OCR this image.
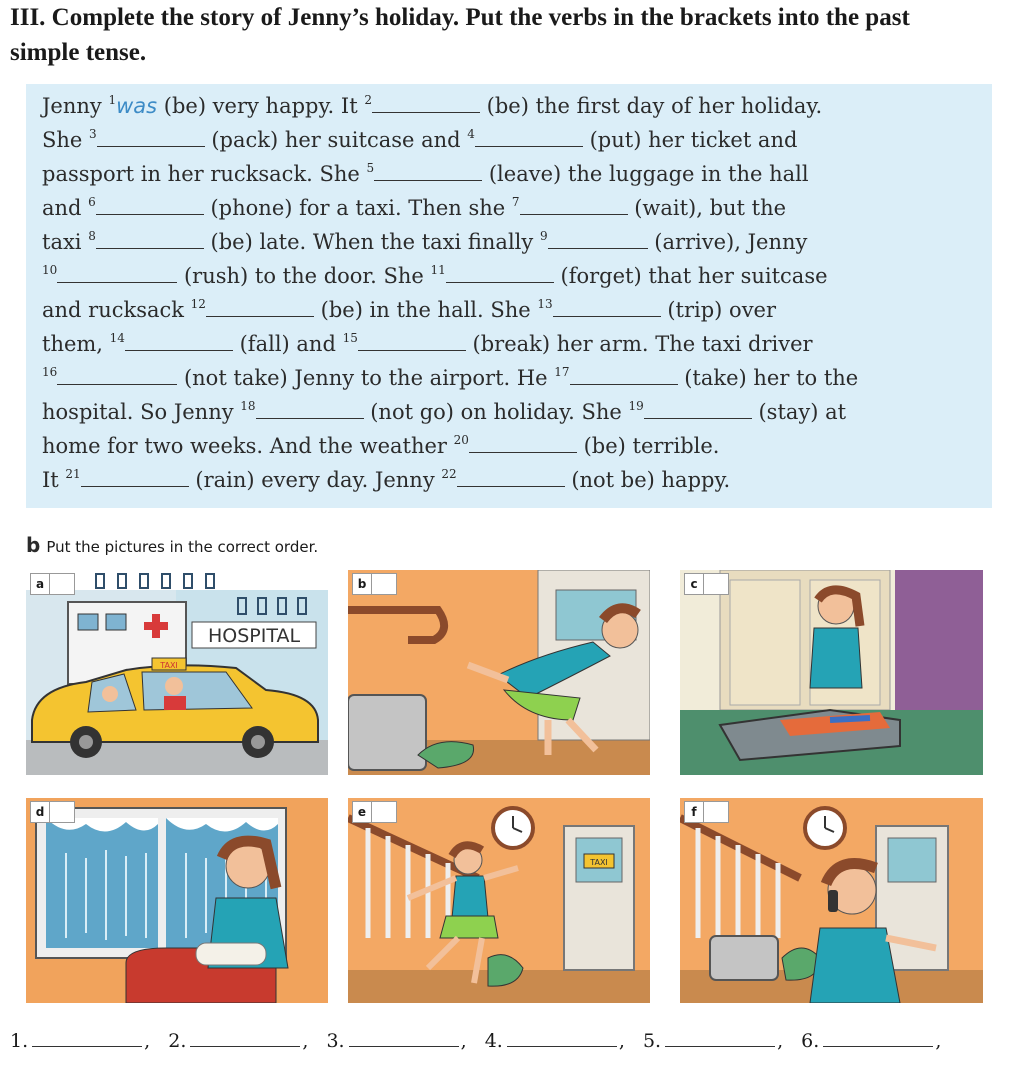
III. Complete the story of Jenny’s holiday. Put the verbs in the brackets into the past
simple tense.
Jenny $^1$was (be) very happy. It $^2$	(be) the first day of her holiday.
She $^3$	(pack) her suitcase and $^4$	(put) her ticket and
passport in her rucksack. She $^5$	(leave) the luggage in the hall
and $^6$	(phone) for a taxi. Then she $^7$	(wait), but the
taxi $^8$	(be) late. When the taxi finally $^9$	(arrive), Jenny
$^{10}$	(rush) to the door. She $^{11}$	(forget) that her suitcase
and rucksack $^{12}$	(be) in the hall. She $^{13}$	(trip) over
them, $^{14}$	(fall) and $^{15}$	(break) her arm. The taxi driver
$^{16}$	(not take) Jenny to the airport. He $^{17}$	(take) her to the
hospital. So Jenny $^{18}$	(not go) on holiday. She $^{19}$	(stay) at
home for two weeks. And the weather $^{20}$	(be) terrible.
It $^{21}$	(rain) every day. Jenny $^{22}$	(not be) happy.
b Put the pictures in the correct order.
HOSPITAL
TAXI
a	b	c
d
TAXI
e	f
1.	, 2.	, 3.	, 4.	, 5.	, 6.	,
